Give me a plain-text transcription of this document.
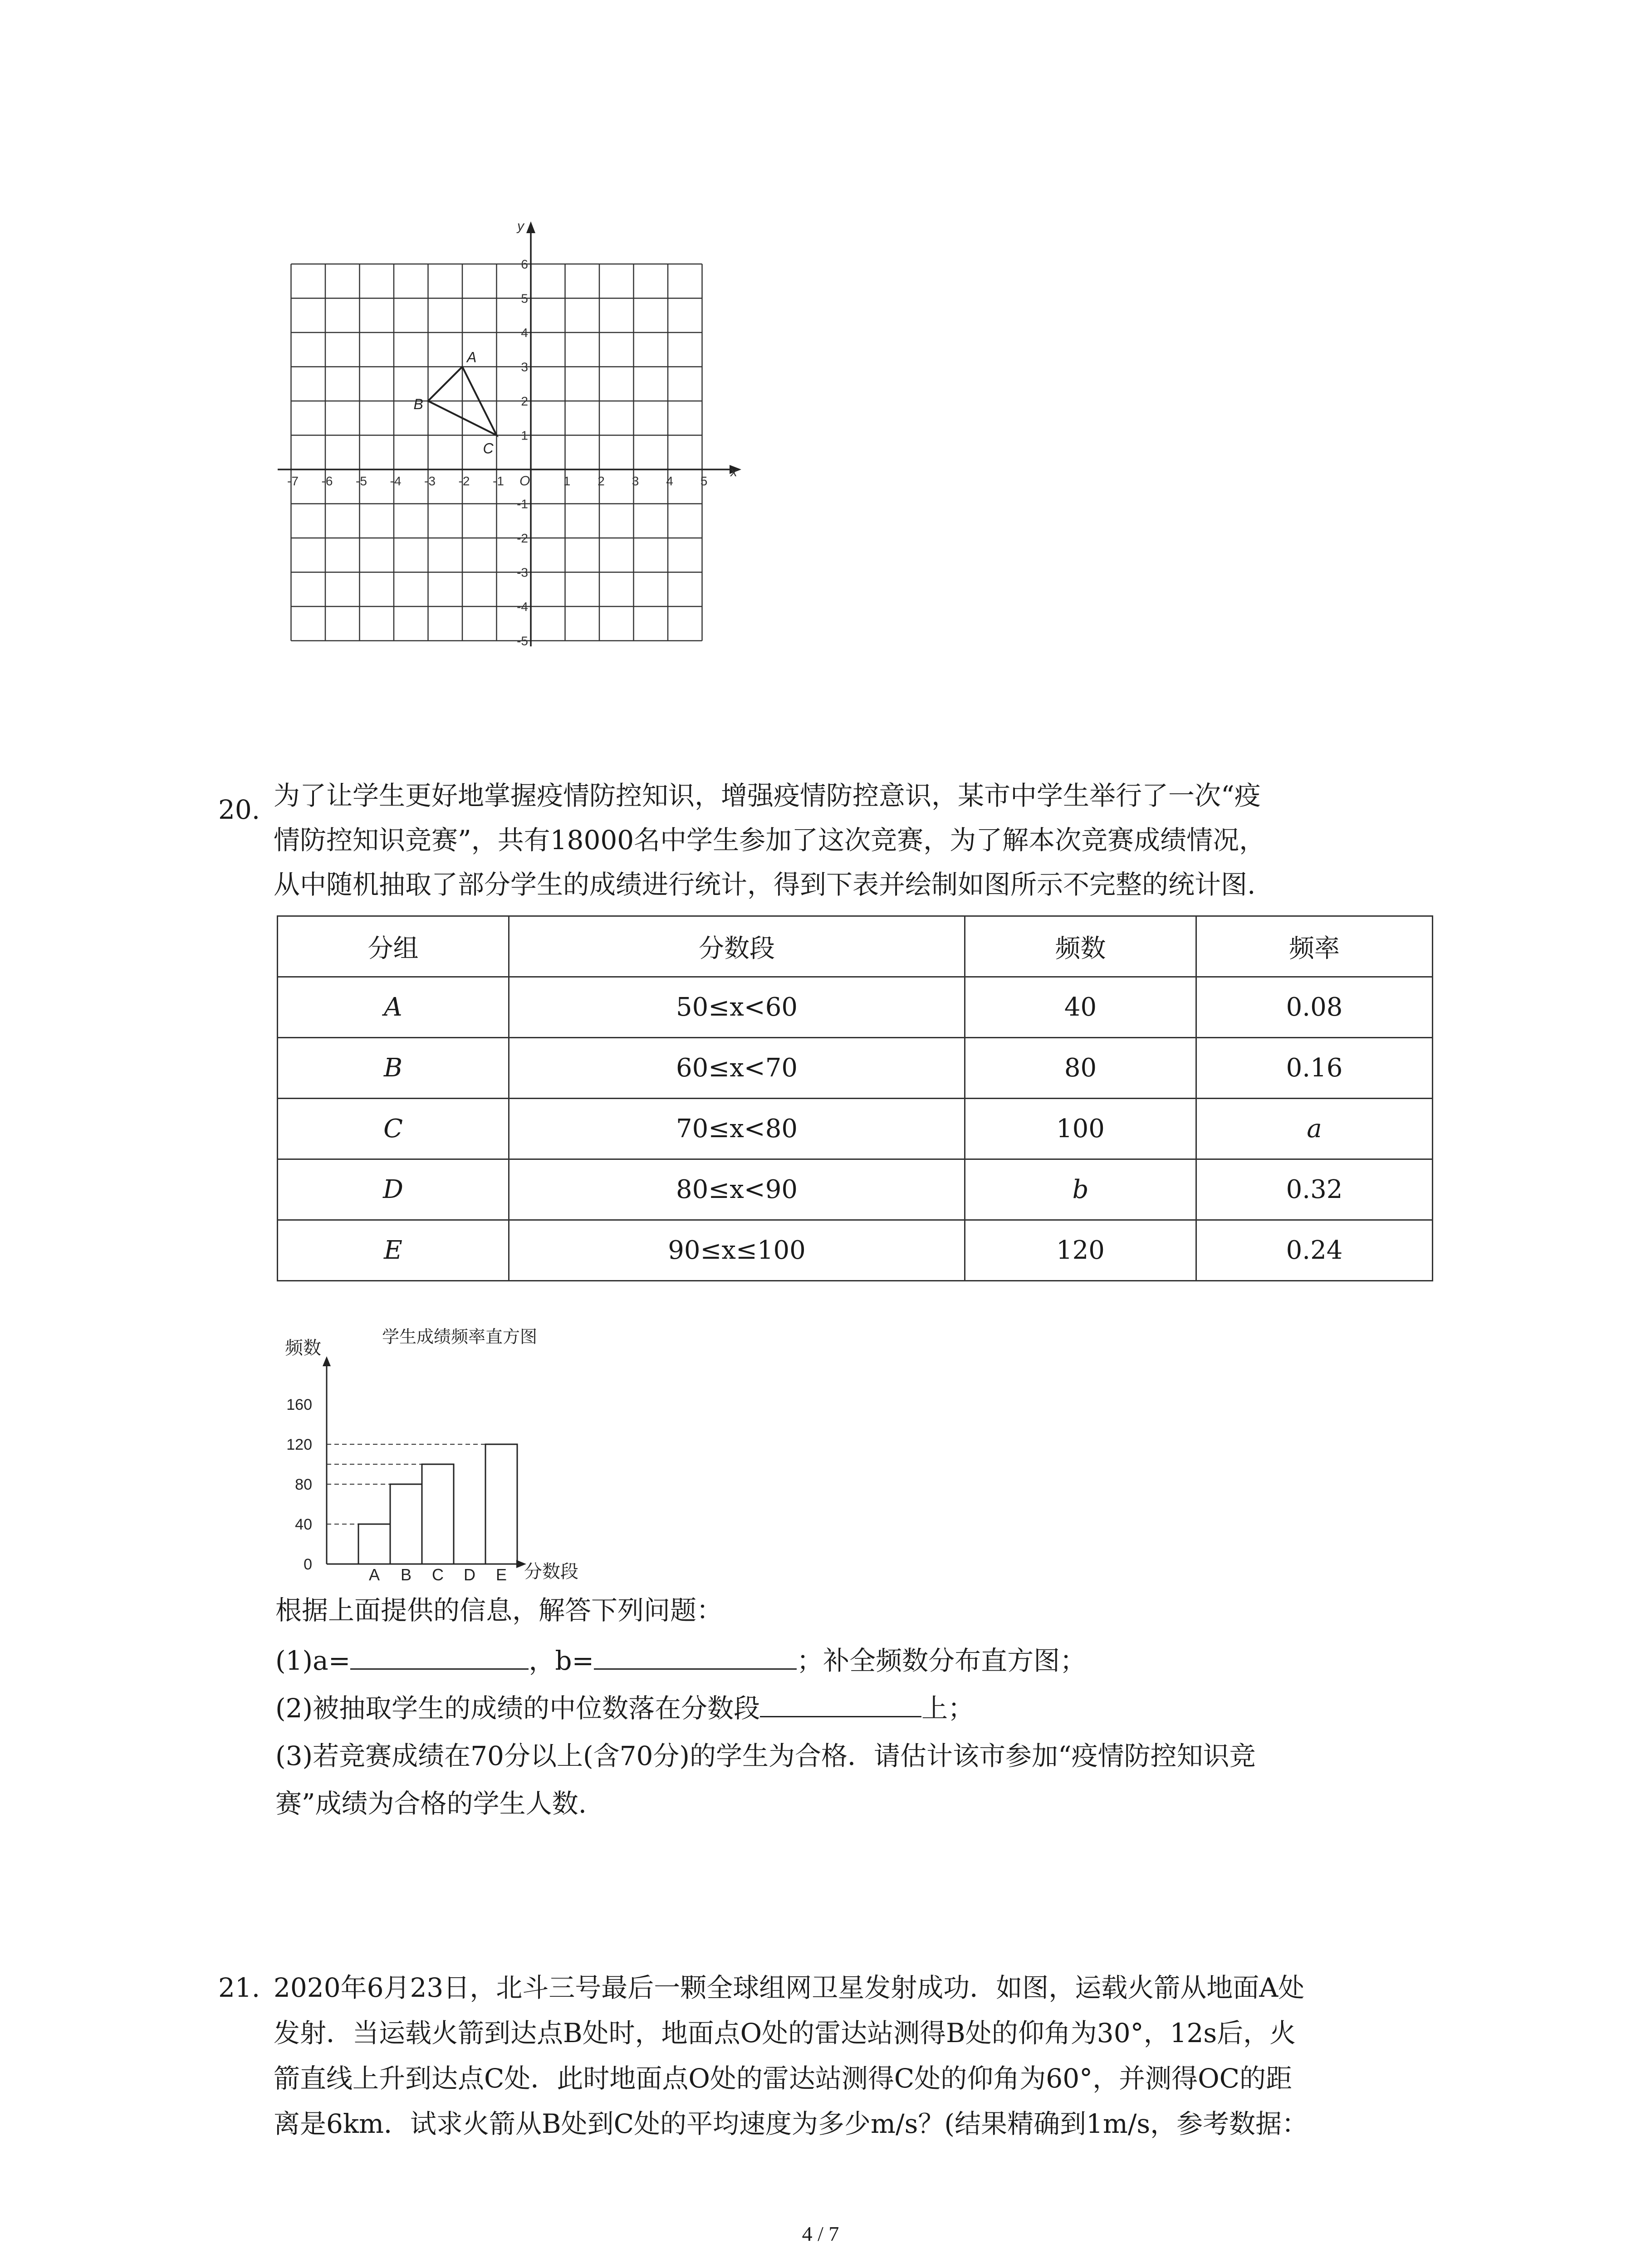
x
y
O
-7 -6 -5 -4 -3 -2 -1	1 2 3 4 5
6
5
4
3
2
1
-1
-2
-3
-4
-5
A
B
C
20. 为了让学生更好地掌握疫情防控知识，增强疫情防控意识，某市中学生举行了一次“疫
情防控知识竞赛”，共有18000名中学生参加了这次竞赛，为了解本次竞赛成绩情况，
从中随机抽取了部分学生的成绩进行统计，得到下表并绘制如图所示不完整的统计图.
分组	分数段	频数	频率
A	50≤x<60	40	0.08
B	60≤x<70	80	0.16
C	70≤x<80	100	a
D	80≤x<90	b	0.32
E	90≤x≤100	120	0.24
学生成绩频率直方图
频数
分数段
0
40
80
120
160
A B C D E
根据上面提供的信息，解答下列问题：
(1)a=	，b=	；补全频数分布直方图；
(2)被抽取学生的成绩的中位数落在分数段	上；
(3)若竞赛成绩在70分以上(含70分)的学生为合格．请估计该市参加“疫情防控知识竞
赛”成绩为合格的学生人数.
21. 2020年6月23日，北斗三号最后一颗全球组网卫星发射成功．如图，运载火箭从地面A处
发射．当运载火箭到达点B处时，地面点O处的雷达站测得B处的仰角为30°，12s后，火
箭直线上升到达点C处．此时地面点O处的雷达站测得C处的仰角为60°，并测得OC的距
离是6km．试求火箭从B处到C处的平均速度为多少m/s？(结果精确到1m/s，参考数据：
4 / 7
